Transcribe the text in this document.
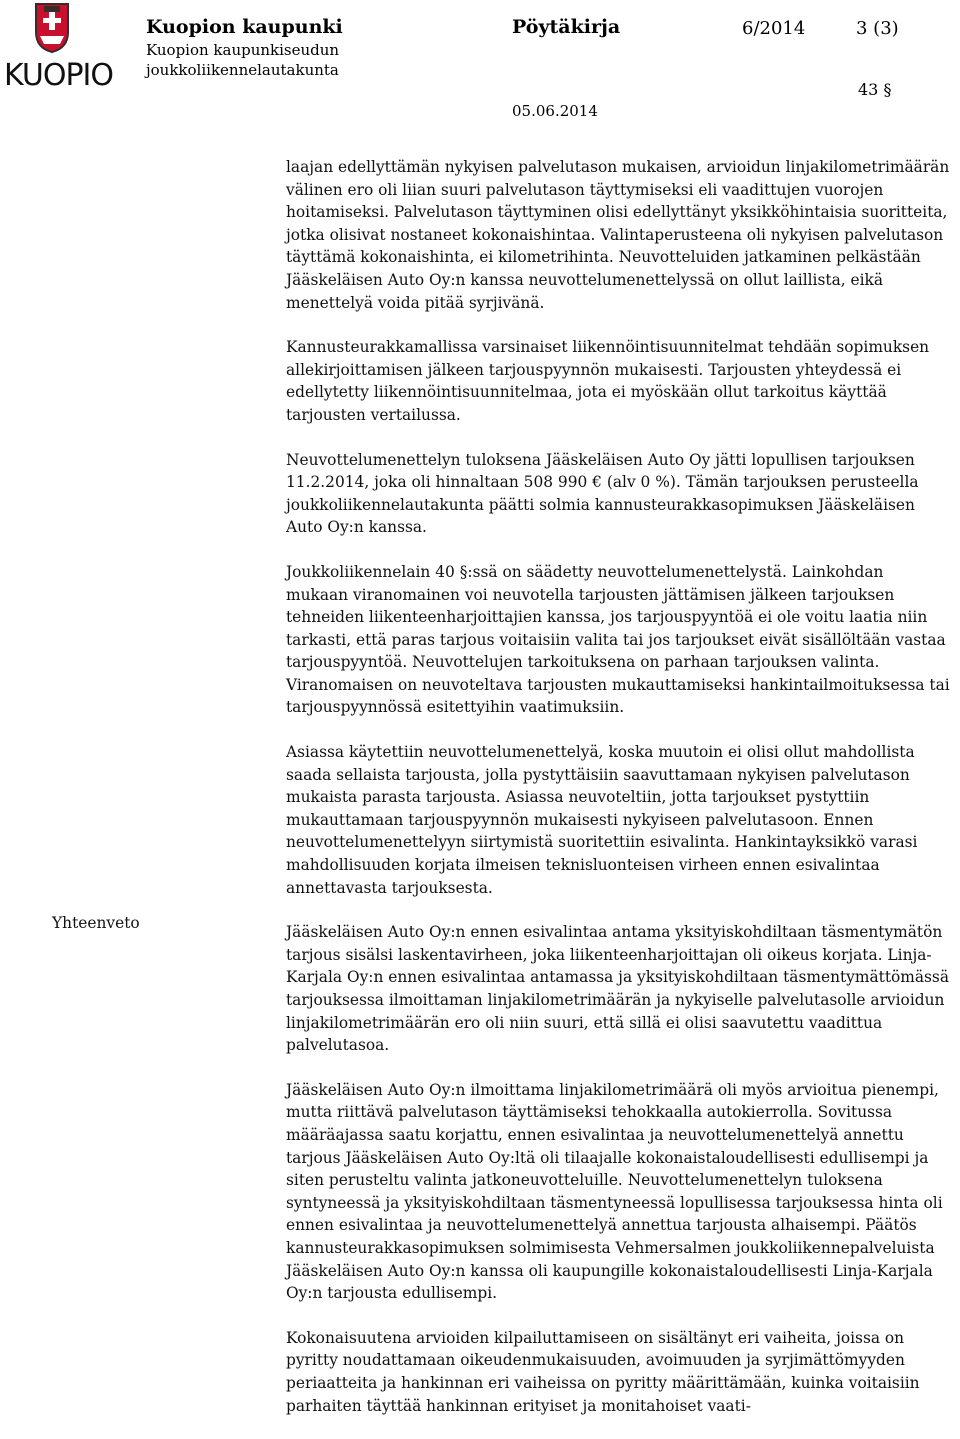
KUOPIO
Kuopion kaupunki
Kuopion kaupunkiseudun
joukkoliikennelautakunta
Pöytäkirja	6/2014	3 (3)
43 §
05.06.2014
Yhteenveto

laajan edellyttämän nykyisen palvelutason mukaisen, arvioidun linjakilometrimäärän välinen ero oli liian suuri palvelutason täyttymiseksi eli vaadittujen vuorojen hoitamiseksi. Palvelutason täyttyminen olisi edellyttänyt yksikköhintaisia suoritteita, jotka olisivat nostaneet kokonaishintaa. Valintaperusteena oli nykyisen palvelutason täyttämä kokonaishinta, ei kilometrihinta. Neuvotteluiden jatkaminen pelkästään Jääskeläisen Auto Oy:n kanssa neuvottelumenettelyssä on ollut laillista, eikä menettelyä voida pitää syrjivänä.

Kannusteurakkamallissa varsinaiset liikennöintisuunnitelmat tehdään sopimuksen allekirjoittamisen jälkeen tarjouspyynnön mukaisesti. Tarjousten yhteydessä ei edellytetty liikennöintisuunnitelmaa, jota ei myöskään ollut tarkoitus käyttää tarjousten vertailussa.

Neuvottelumenettelyn tuloksena Jääskeläisen Auto Oy jätti lopullisen tarjouksen 11.2.2014, joka oli hinnaltaan 508 990 € (alv 0 %). Tämän tarjouksen perusteella joukkoliikennelautakunta päätti solmia kannusteurakkasopimuksen Jääskeläisen Auto Oy:n kanssa.

Joukkoliikennelain 40 §:ssä on säädetty neuvottelumenettelystä. Lainkohdan mukaan viranomainen voi neuvotella tarjousten jättämisen jälkeen tarjouksen tehneiden liikenteenharjoittajien kanssa, jos tarjouspyyntöä ei ole voitu laatia niin tarkasti, että paras tarjous voitaisiin valita tai jos tarjoukset eivät sisällöltään vastaa tarjouspyyntöä. Neuvottelujen tarkoituksena on parhaan tarjouksen valinta. Viranomaisen on neuvoteltava tarjousten mukauttamiseksi hankintailmoituksessa tai tarjouspyynnössä esitettyihin vaatimuksiin.

Asiassa käytettiin neuvottelumenettelyä, koska muutoin ei olisi ollut mahdollista saada sellaista tarjousta, jolla pystyttäisiin saavuttamaan nykyisen palvelutason mukaista parasta tarjousta. Asiassa neuvoteltiin, jotta tarjoukset pystyttiin mukauttamaan tarjouspyynnön mukaisesti nykyiseen palvelutasoon. Ennen neuvottelumenettelyyn siirtymistä suoritettiin esivalinta. Hankintayksikkö varasi mahdollisuuden korjata ilmeisen teknisluonteisen virheen ennen esivalintaa annettavasta tarjouksesta.

Jääskeläisen Auto Oy:n ennen esivalintaa antama yksityiskohdiltaan täsmentymätön tarjous sisälsi laskentavirheen, joka liikenteenharjoittajan oli oikeus korjata. Linja-Karjala Oy:n ennen esivalintaa antamassa ja yksityiskohdiltaan täsmentymättömässä tarjouksessa ilmoittaman linjakilometrimäärän ja nykyiselle palvelutasolle arvioidun linjakilometrimäärän ero oli niin suuri, että sillä ei olisi saavutettu vaadittua palvelutasoa.

Jääskeläisen Auto Oy:n ilmoittama linjakilometrimäärä oli myös arvioitua pienempi, mutta riittävä palvelutason täyttämiseksi tehokkaalla autokierrolla. Sovitussa määräajassa saatu korjattu, ennen esivalintaa ja neuvottelumenettelyä annettu tarjous Jääskeläisen Auto Oy:ltä oli tilaajalle kokonaistaloudellisesti edullisempi ja siten perusteltu valinta jatkoneuvotteluille. Neuvottelumenettelyn tuloksena syntyneessä ja yksityiskohdiltaan täsmentyneessä lopullisessa tarjouksessa hinta oli ennen esivalintaa ja neuvottelumenettelyä annettua tarjousta alhaisempi. Päätös kannusteurakkasopimuksen solmimisesta Vehmersalmen joukkoliikennepalveluista Jääskeläisen Auto Oy:n kanssa oli kaupungille kokonaistaloudellisesti Linja-Karjala Oy:n tarjousta edullisempi.

Kokonaisuutena arvioiden kilpailuttamiseen on sisältänyt eri vaiheita, joissa on pyritty noudattamaan oikeudenmukaisuuden, avoimuuden ja syrjimättömyyden periaatteita ja hankinnan eri vaiheissa on pyritty määrittämään, kuinka voitaisiin parhaiten täyttää hankinnan erityiset ja monitahoiset vaati-
